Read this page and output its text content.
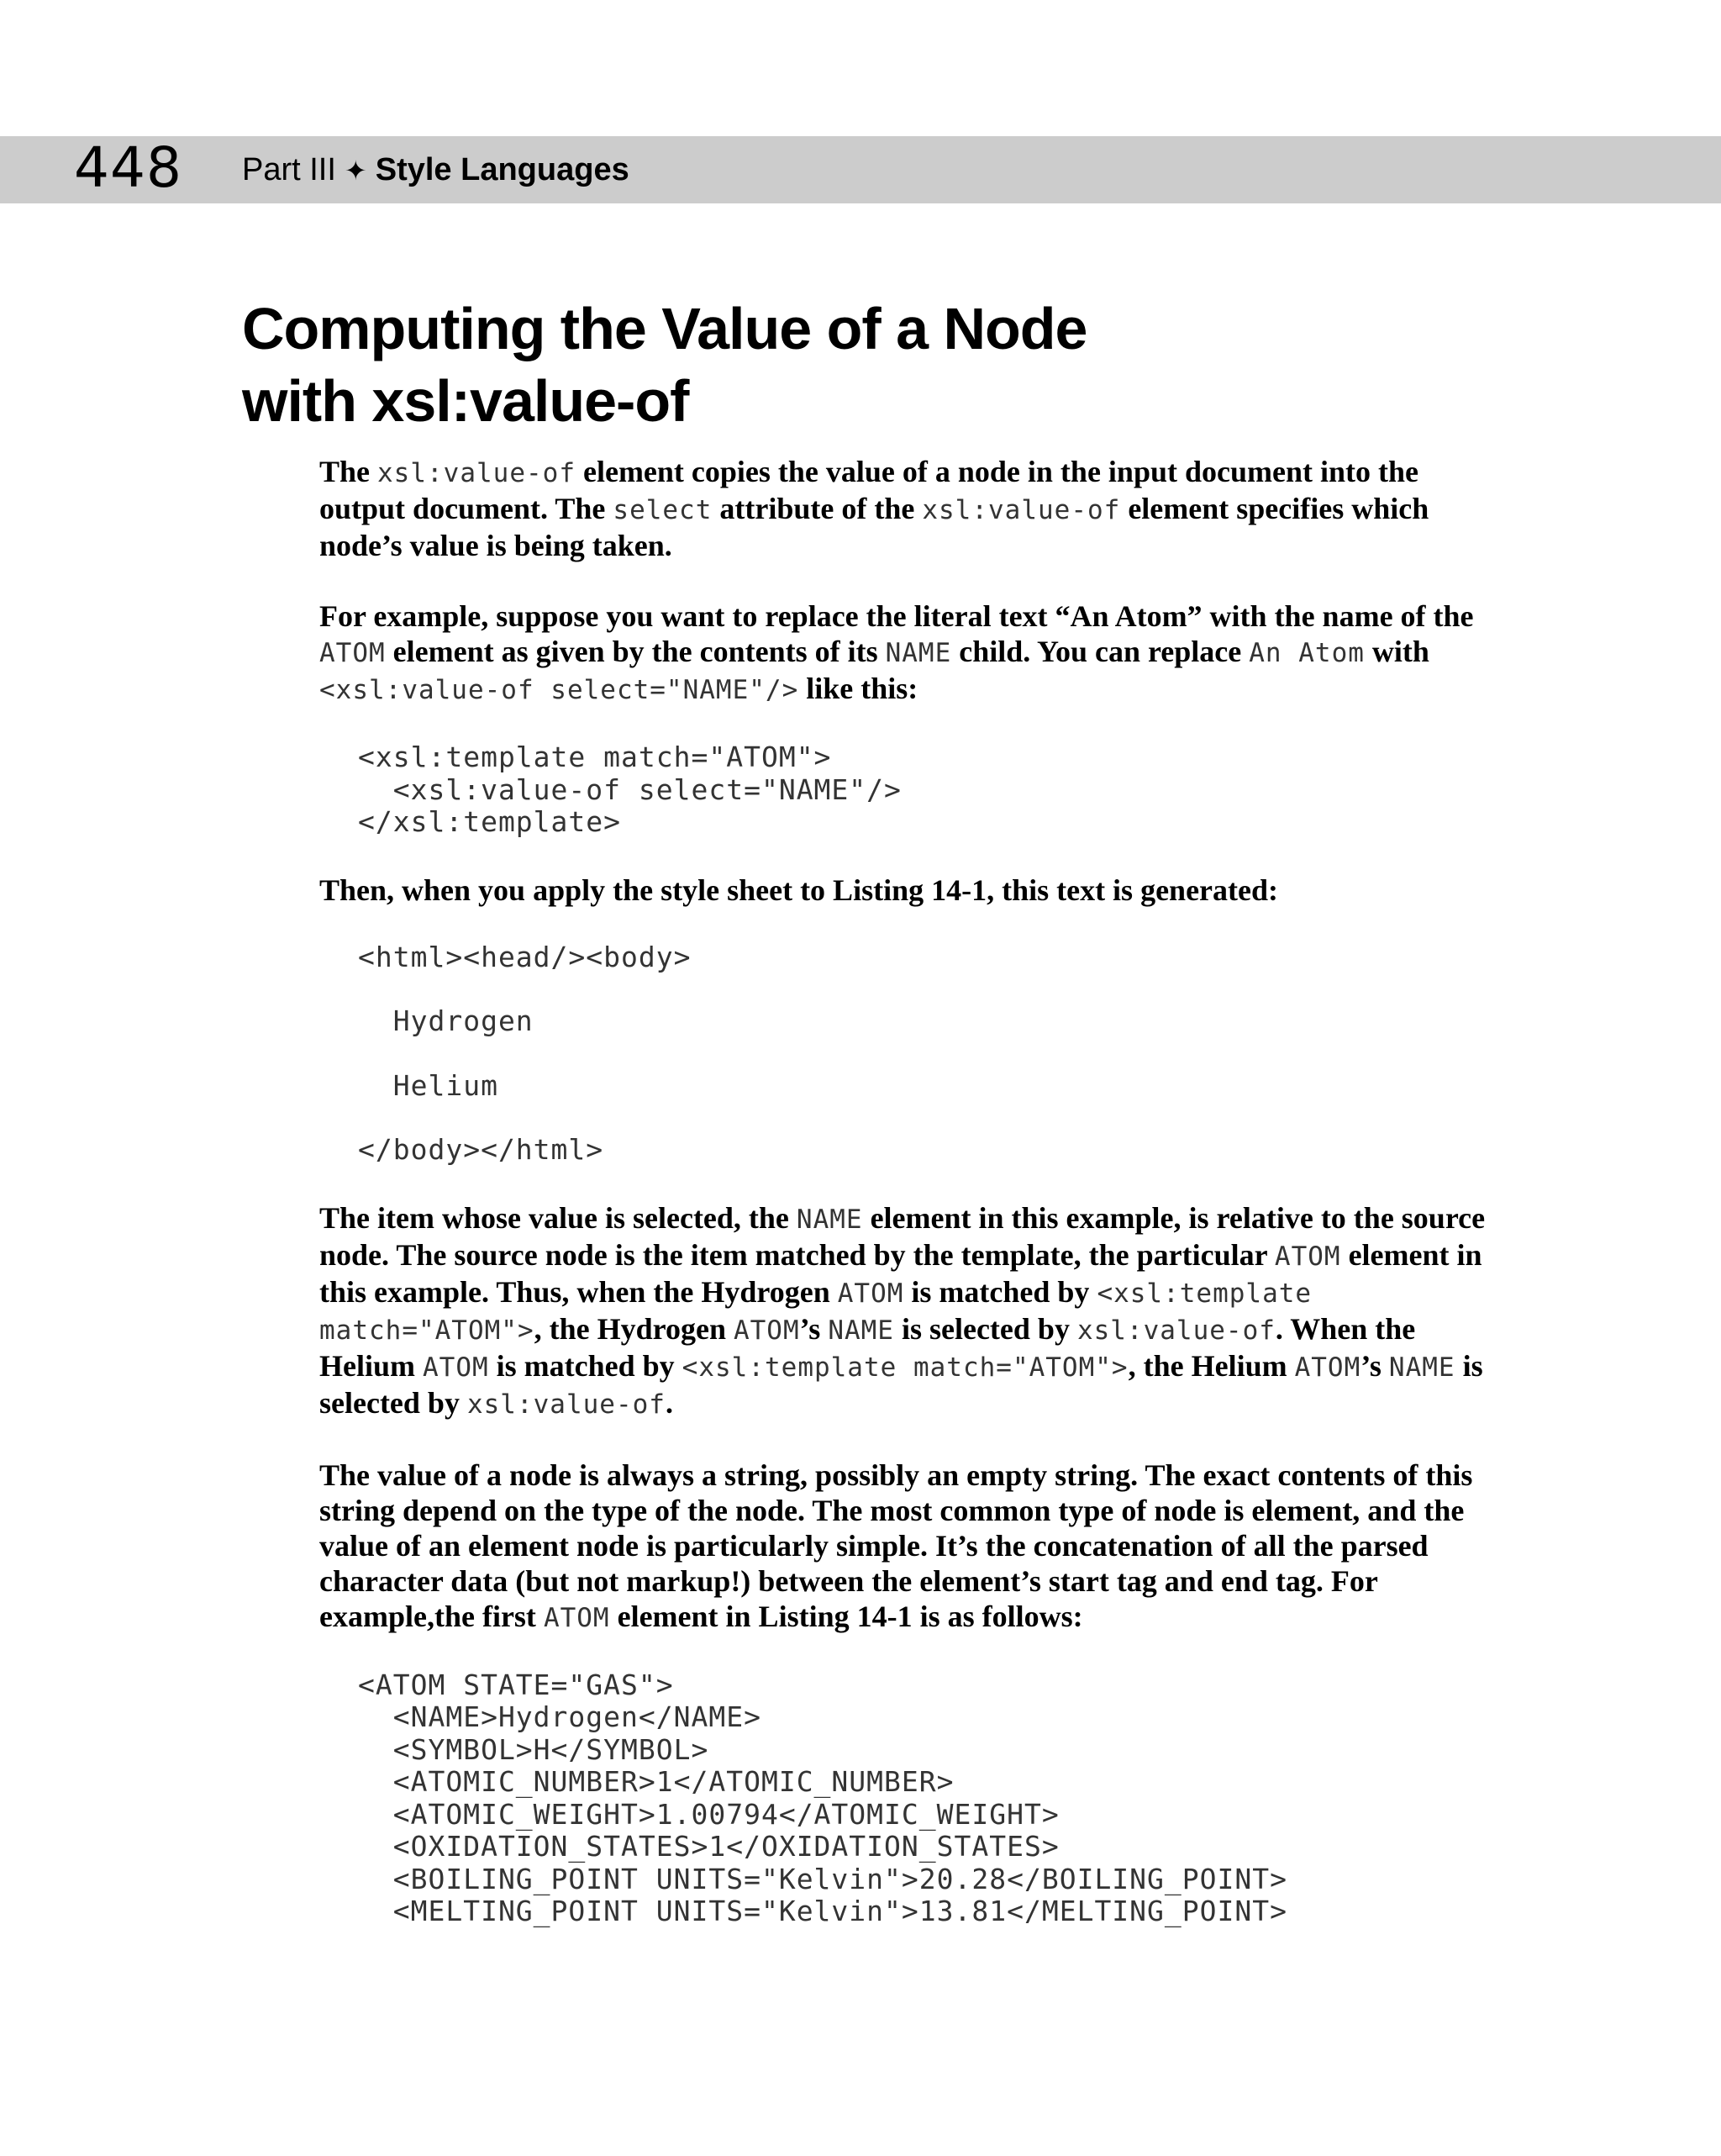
448 Part III ✦ Style Languages
Computing the Value of a Node
with xsl:value-of

The xsl:value-of element copies the value of a node in the input document into the output document. The select attribute of the xsl:value-of element specifies which node’s value is being taken.

For example, suppose you want to replace the literal text “An Atom” with the name of the ATOM element as given by the contents of its NAME child. You can replace An Atom with <xsl:value-of select="NAME"/> like this:

<xsl:template match="ATOM">
<xsl:value-of select="NAME"/>
</xsl:template>

Then, when you apply the style sheet to Listing 14-1, this text is generated:

<html><head/><body>
Hydrogen
Helium
</body></html>

The item whose value is selected, the NAME element in this example, is relative to the source node. The source node is the item matched by the template, the particular ATOM element in this example. Thus, when the Hydrogen ATOM is matched by <xsl:template match="ATOM">, the Hydrogen ATOM’s NAME is selected by xsl:value-of. When the Helium ATOM is matched by <xsl:template match="ATOM">, the Helium ATOM’s NAME is selected by xsl:value-of.

The value of a node is always a string, possibly an empty string. The exact contents of this string depend on the type of the node. The most common type of node is element, and the value of an element node is particularly simple. It’s the concatenation of all the parsed character data (but not markup!) between the element’s start tag and end tag. For example,the first ATOM element in Listing 14-1 is as follows:

<ATOM STATE="GAS">
<NAME>Hydrogen</NAME>
<SYMBOL>H</SYMBOL>
<ATOMIC_NUMBER>1</ATOMIC_NUMBER>
<ATOMIC_WEIGHT>1.00794</ATOMIC_WEIGHT>
<OXIDATION_STATES>1</OXIDATION_STATES>
<BOILING_POINT UNITS="Kelvin">20.28</BOILING_POINT>
<MELTING_POINT UNITS="Kelvin">13.81</MELTING_POINT>
